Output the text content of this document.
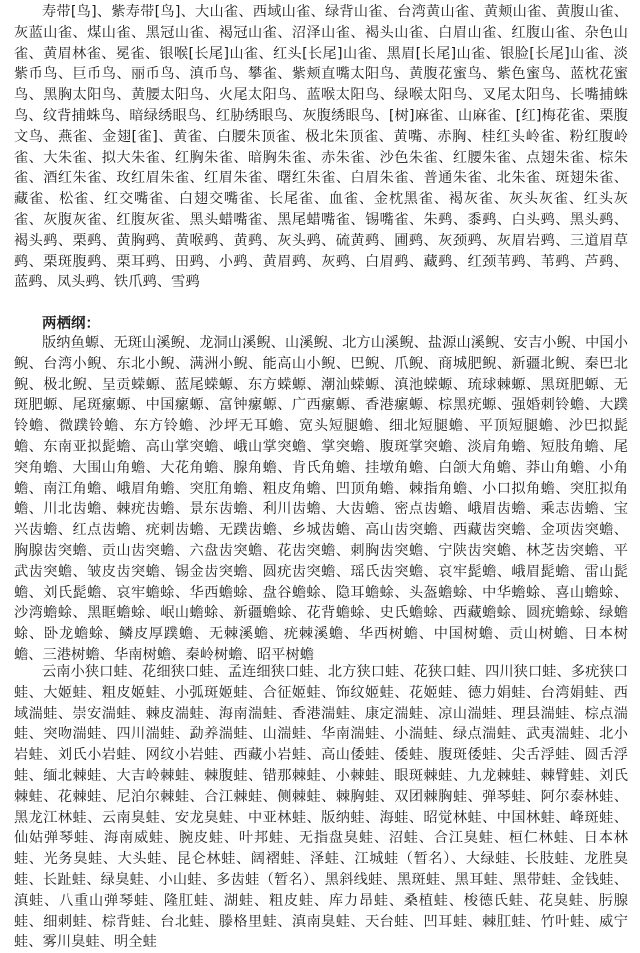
寿带[鸟]、紫寿带[鸟]、大山雀、西域山雀、绿背山雀、台湾黄山雀、黄颊山雀、黄腹山雀、灰蓝山雀、煤山雀、黑冠山雀、褐冠山雀、沼泽山雀、褐头山雀、白眉山雀、红腹山雀、杂色山雀、黄眉林雀、冕雀、银喉[长尾]山雀、红头[长尾]山雀、黑眉[长尾]山雀、银脸[长尾]山雀、淡紫币鸟、巨币鸟、丽币鸟、滇币鸟、攀雀、紫颊直嘴太阳鸟、黄腹花蜜鸟、紫色蜜鸟、蓝枕花蜜鸟、黑胸太阳鸟、黄腰太阳鸟、火尾太阳鸟、蓝喉太阳鸟、绿喉太阳鸟、叉尾太阳鸟、长嘴捕蛛鸟、纹背捕蛛鸟、暗绿绣眼鸟、红胁绣眼鸟、灰腹绣眼鸟、[树]麻雀、山麻雀、[红]梅花雀、栗腹文鸟、燕雀、金翅[雀]、黄雀、白腰朱顶雀、极北朱顶雀、黄嘴、赤胸、桂红头岭雀、粉红腹岭雀、大朱雀、拟大朱雀、红胸朱雀、暗胸朱雀、赤朱雀、沙色朱雀、红腰朱雀、点翅朱雀、棕朱雀、酒红朱雀、玫红眉朱雀、红眉朱雀、曙红朱雀、白眉朱雀、普通朱雀、北朱雀、斑翅朱雀、藏雀、松雀、红交嘴雀、白翅交嘴雀、长尾雀、血雀、金枕黑雀、褐灰雀、灰头灰雀、红头灰雀、灰腹灰雀、红腹灰雀、黑头蜡嘴雀、黑尾蜡嘴雀、锡嘴雀、朱鹀、黍鹀、白头鹀、黑头鹀、褐头鹀、栗鹀、黄胸鹀、黄喉鹀、黄鹀、灰头鹀、硫黄鹀、圃鹀、灰颈鹀、灰眉岩鹀、三道眉草鹀、栗斑腹鹀、栗耳鹀、田鹀、小鹀、黄眉鹀、灰鹀、白眉鹀、藏鹀、红颈苇鹀、苇鹀、芦鹀、蓝鹀、凤头鹀、铁爪鹀、雪鹀

两栖纲：

版纳鱼螈、无斑山溪鲵、龙洞山溪鲵、山溪鲵、北方山溪鲵、盐源山溪鲵、安吉小鲵、中国小鲵、台湾小鲵、东北小鲵、满洲小鲵、能高山小鲵、巴鲵、爪鲵、商城肥鲵、新疆北鲵、秦巴北鲵、极北鲵、呈贡蝾螈、蓝尾蝾螈、东方蝾螈、潮汕蝾螈、滇池蝾螈、琉球棘螈、黑斑肥螈、无斑肥螈、尾斑瘰螈、中国瘰螈、富钟瘰螈、广西瘰螈、香港瘰螈、棕黑疣螈、强婚刺铃蟾、大蹼铃蟾、微蹼铃蟾、东方铃蟾、沙坪无耳蟾、宽头短腿蟾、细北短腿蟾、平顶短腿蟾、沙巴拟髭蟾、东南亚拟髭蟾、高山掌突蟾、峨山掌突蟾、掌突蟾、腹斑掌突蟾、淡肩角蟾、短肢角蟾、尾突角蟾、大围山角蟾、大花角蟾、腺角蟾、肯氏角蟾、挂墩角蟾、白颌大角蟾、莽山角蟾、小角蟾、南江角蟾、峨眉角蟾、突肛角蟾、粗皮角蟾、凹顶角蟾、棘指角蟾、小口拟角蟾、突肛拟角蟾、川北齿蟾、棘疣齿蟾、景东齿蟾、利川齿蟾、大齿蟾、密点齿蟾、峨眉齿蟾、乘志齿蟾、宝兴齿蟾、红点齿蟾、疣刺齿蟾、无蹼齿蟾、乡城齿蟾、高山齿突蟾、西藏齿突蟾、金项齿突蟾、胸腺齿突蟾、贡山齿突蟾、六盘齿突蟾、花齿突蟾、刺胸齿突蟾、宁陕齿突蟾、林芝齿突蟾、平武齿突蟾、皱皮齿突蟾、锡金齿突蟾、圆疣齿突蟾、瑶氏齿突蟾、哀牢髭蟾、峨眉髭蟾、雷山髭蟾、刘氏髭蟾、哀牢蟾蜍、华西蟾蜍、盘谷蟾蜍、隐耳蟾蜍、头盔蟾蜍、中华蟾蜍、喜山蟾蜍、沙湾蟾蜍、黑眶蟾蜍、岷山蟾蜍、新疆蟾蜍、花背蟾蜍、史氏蟾蜍、西藏蟾蜍、圆疣蟾蜍、绿蟾蜍、卧龙蟾蜍、鳞皮厚蹼蟾、无棘溪蟾、疣棘溪蟾、华西树蟾、中国树蟾、贡山树蟾、日本树蟾、三港树蟾、华南树蟾、秦岭树蟾、昭平树蟾

云南小狭口蛙、花细狭口蛙、孟连细狭口蛙、北方狭口蛙、花狭口蛙、四川狭口蛙、多疣狭口蛙、大姬蛙、粗皮姬蛙、小弧斑姬蛙、合征姬蛙、饰纹姬蛙、花姬蛙、德力娟蛙、台湾娟蛙、西域湍蛙、崇安湍蛙、棘皮湍蛙、海南湍蛙、香港湍蛙、康定湍蛙、凉山湍蛙、理县湍蛙、棕点湍蛙、突吻湍蛙、四川湍蛙、勐养湍蛙、山湍蛙、华南湍蛙、小湍蛙、绿点湍蛙、武夷湍蛙、北小岩蛙、刘氏小岩蛙、网纹小岩蛙、西藏小岩蛙、高山倭蛙、倭蛙、腹斑倭蛙、尖舌浮蛙、圆舌浮蛙、缅北棘蛙、大吉岭棘蛙、棘腹蛙、错那棘蛙、小棘蛙、眼斑棘蛙、九龙棘蛙、棘臂蛙、刘氏棘蛙、花棘蛙、尼泊尔棘蛙、合江棘蛙、侧棘蛙、棘胸蛙、双团棘胸蛙、弹琴蛙、阿尔泰林蛙、黑龙江林蛙、云南臭蛙、安龙臭蛙、中亚林蛙、版纳蛙、海蛙、昭觉林蛙、中国林蛙、峰斑蛙、仙姑弹琴蛙、海南威蛙、腕皮蛙、叶邦蛙、无指盘臭蛙、沼蛙、合江臭蛙、桓仁林蛙、日本林蛙、光务臭蛙、大头蛙、昆仑林蛙、阔褶蛙、泽蛙、江城蛙（暂名）、大绿蛙、长肢蛙、龙胜臭蛙、长趾蛙、绿臭蛙、小山蛙、多齿蛙（暂名）、黑斜线蛙、黑斑蛙、黑耳蛙、黑带蛙、金钱蛙、滇蛙、八重山弹琴蛙、隆肛蛙、湖蛙、粗皮蛙、库力昂蛙、桑植蛙、梭德氏蛙、花臭蛙、肟腺蛙、细刺蛙、棕背蛙、台北蛙、滕格里蛙、滇南臭蛙、天台蛙、凹耳蛙、棘肛蛙、竹叶蛙、威宁蛙、雾川臭蛙、明全蛙
